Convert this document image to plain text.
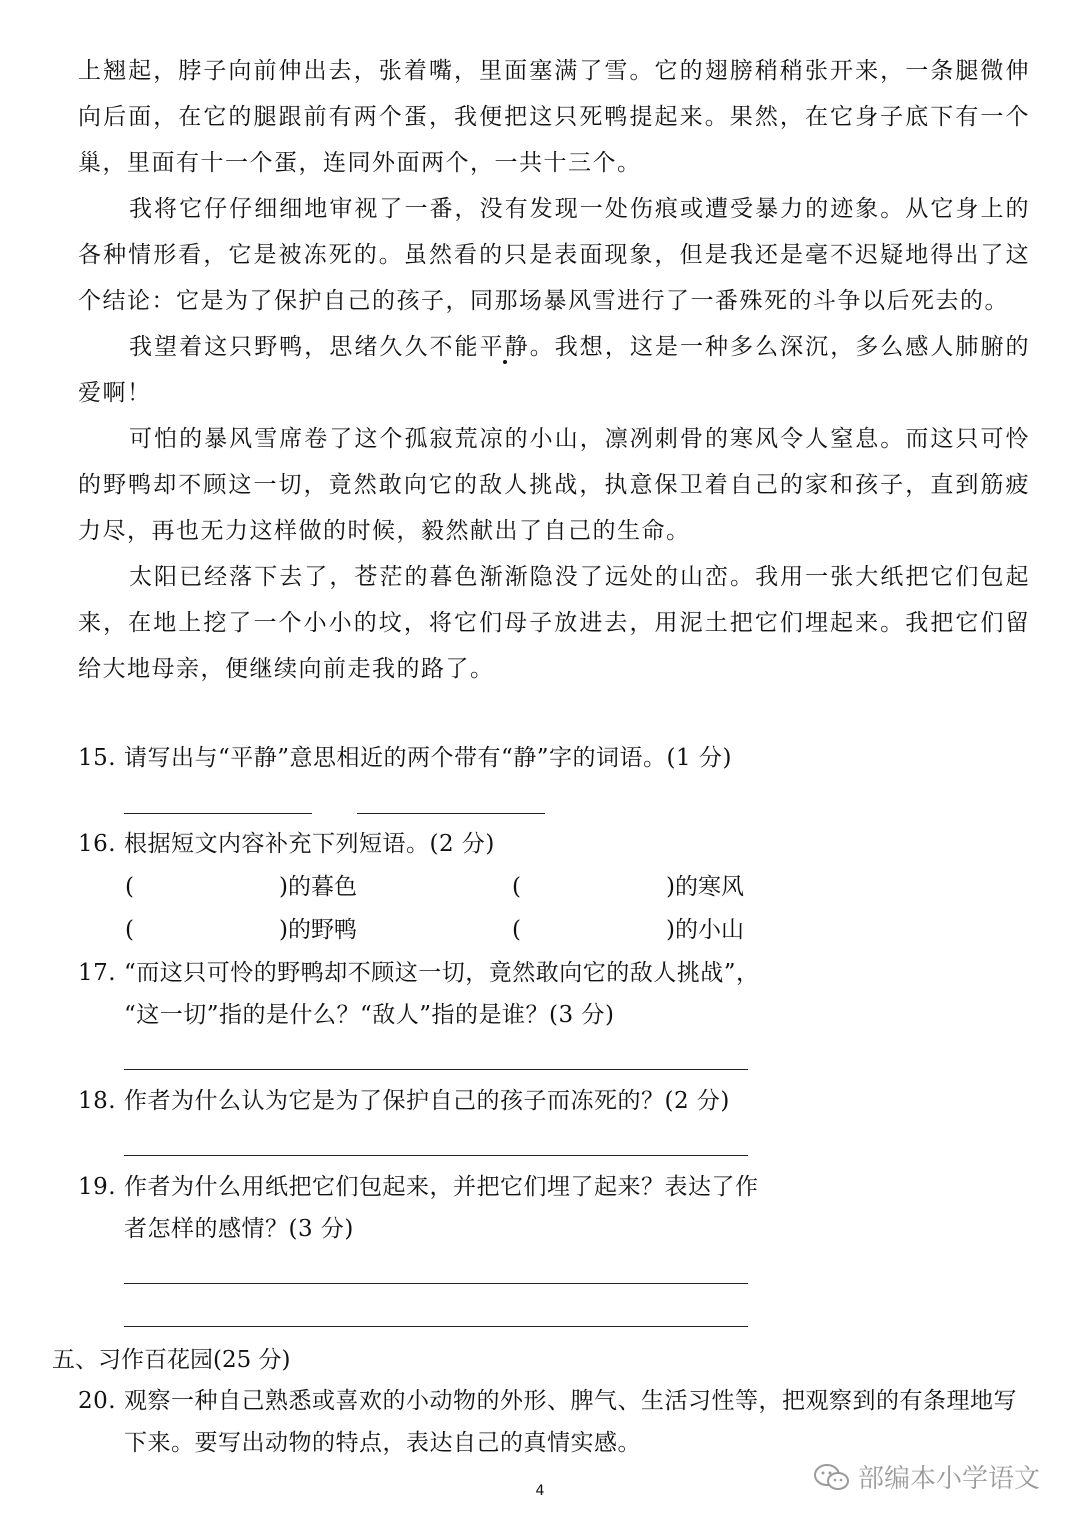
上翘起，脖子向前伸出去，张着嘴，里面塞满了雪。它的翅膀稍稍张开来，一条腿微伸向后面，在它的腿跟前有两个蛋，我便把这只死鸭提起来。果然，在它身子底下有一个巢，里面有十一个蛋，连同外面两个，一共十三个。

我将它仔仔细细地审视了一番，没有发现一处伤痕或遭受暴力的迹象。从它身上的各种情形看，它是被冻死的。虽然看的只是表面现象，但是我还是毫不迟疑地得出了这个结论：它是为了保护自己的孩子，同那场暴风雪进行了一番殊死的斗争以后死去的。

我望着这只野鸭，思绪久久不能平静。我想，这是一种多么深沉，多么感人肺腑的爱啊！

可怕的暴风雪席卷了这个孤寂荒凉的小山，凛冽刺骨的寒风令人窒息。而这只可怜的野鸭却不顾这一切，竟然敢向它的敌人挑战，执意保卫着自己的家和孩子，直到筋疲力尽，再也无力这样做的时候，毅然献出了自己的生命。

太阳已经落下去了，苍茫的暮色渐渐隐没了远处的山峦。我用一张大纸把它们包起来，在地上挖了一个小小的坟，将它们母子放进去，用泥土把它们埋起来。我把它们留给大地母亲，便继续向前走我的路了。

15. 请写出与“平静”意思相近的两个带有“静”字的词语。(1 分)
16. 根据短文内容补充下列短语。(2 分)
(	)的暮色	(	)的寒风
(	)的野鸭	(	)的小山
17. “而这只可怜的野鸭却不顾这一切，竟然敢向它的敌人挑战”，
“这一切”指的是什么？“敌人”指的是谁？(3 分)
18. 作者为什么认为它是为了保护自己的孩子而冻死的？(2 分)
19. 作者为什么用纸把它们包起来，并把它们埋了起来？表达了作
者怎样的感情？(3 分)
五、习作百花园(25 分)
20. 观察一种自己熟悉或喜欢的小动物的外形、脾气、生活习性等，把观察到的有条理地写
下来。要写出动物的特点，表达自己的真情实感。
4	部编本小学语文
